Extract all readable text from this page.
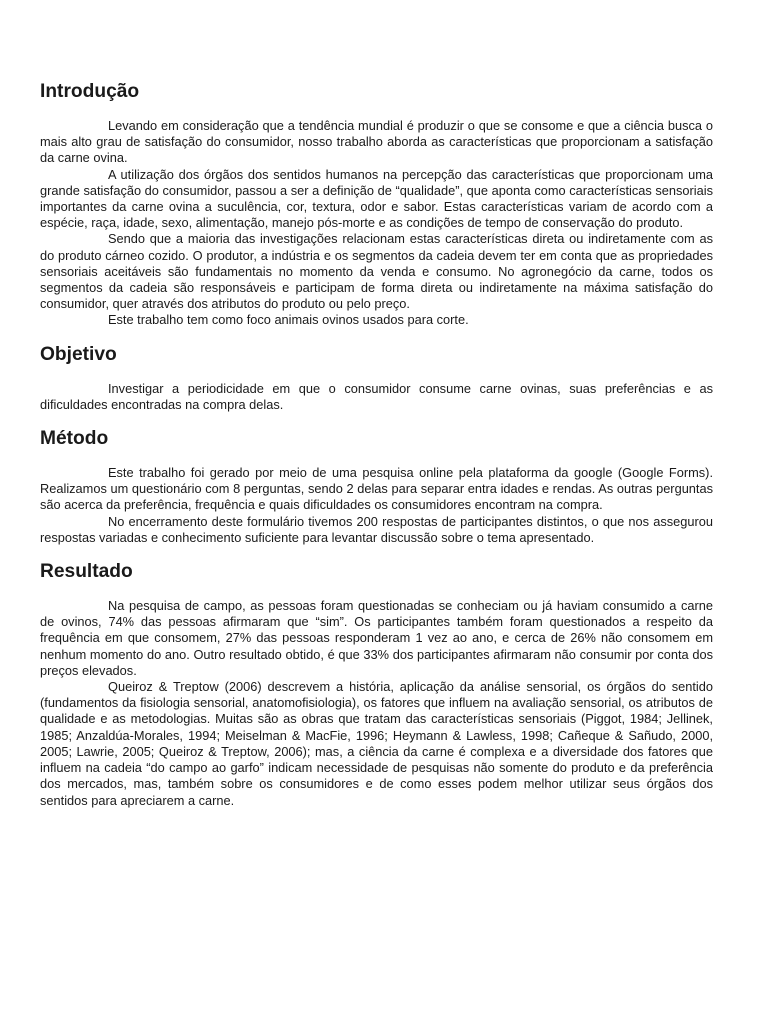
Introdução

Levando em consideração que a tendência mundial é produzir o que se consome e que a ciência busca o mais alto grau de satisfação do consumidor, nosso trabalho aborda as características que proporcionam a satisfação da carne ovina.

A utilização dos órgãos dos sentidos humanos na percepção das características que proporcionam uma grande satisfação do consumidor, passou a ser a definição de “qualidade”, que aponta como características sensoriais importantes da carne ovina a suculência, cor, textura, odor e sabor. Estas características variam de acordo com a espécie, raça, idade, sexo, alimentação, manejo pós-morte e as condições de tempo de conservação do produto.

Sendo que a maioria das investigações relacionam estas características direta ou indiretamente com as do produto cárneo cozido. O produtor, a indústria e os segmentos da cadeia devem ter em conta que as propriedades sensoriais aceitáveis são fundamentais no momento da venda e consumo. No agronegócio da carne, todos os segmentos da cadeia são responsáveis e participam de forma direta ou indiretamente na máxima satisfação do consumidor, quer através dos atributos do produto ou pelo preço.

Este trabalho tem como foco animais ovinos usados para corte.

Objetivo

Investigar a periodicidade em que o consumidor consume carne ovinas, suas preferências e as dificuldades encontradas na compra delas.

Método

Este trabalho foi gerado por meio de uma pesquisa online pela plataforma da google (Google Forms). Realizamos um questionário com 8 perguntas, sendo 2 delas para separar entra idades e rendas. As outras perguntas são acerca da preferência, frequência e quais dificuldades os consumidores encontram na compra.

No encerramento deste formulário tivemos 200 respostas de participantes distintos, o que nos assegurou respostas variadas e conhecimento suficiente para levantar discussão sobre o tema apresentado.

Resultado

Na pesquisa de campo, as pessoas foram questionadas se conheciam ou já haviam consumido a carne de ovinos, 74% das pessoas afirmaram que “sim”. Os participantes também foram questionados a respeito da frequência em que consomem, 27% das pessoas responderam 1 vez ao ano, e cerca de 26% não consomem em nenhum momento do ano. Outro resultado obtido, é que 33% dos participantes afirmaram não consumir por conta dos preços elevados.

Queiroz & Treptow (2006) descrevem a história, aplicação da análise sensorial, os órgãos do sentido (fundamentos da fisiologia sensorial, anatomofisiologia), os fatores que influem na avaliação sensorial, os atributos de qualidade e as metodologias. Muitas são as obras que tratam das características sensoriais (Piggot, 1984; Jellinek, 1985; Anzaldúa-Morales, 1994; Meiselman & MacFie, 1996; Heymann & Lawless, 1998; Cañeque & Sañudo, 2000, 2005; Lawrie, 2005; Queiroz & Treptow, 2006); mas, a ciência da carne é complexa e a diversidade dos fatores que influem na cadeia “do campo ao garfo” indicam necessidade de pesquisas não somente do produto e da preferência dos mercados, mas, também sobre os consumidores e de como esses podem melhor utilizar seus órgãos dos sentidos para apreciarem a carne.
